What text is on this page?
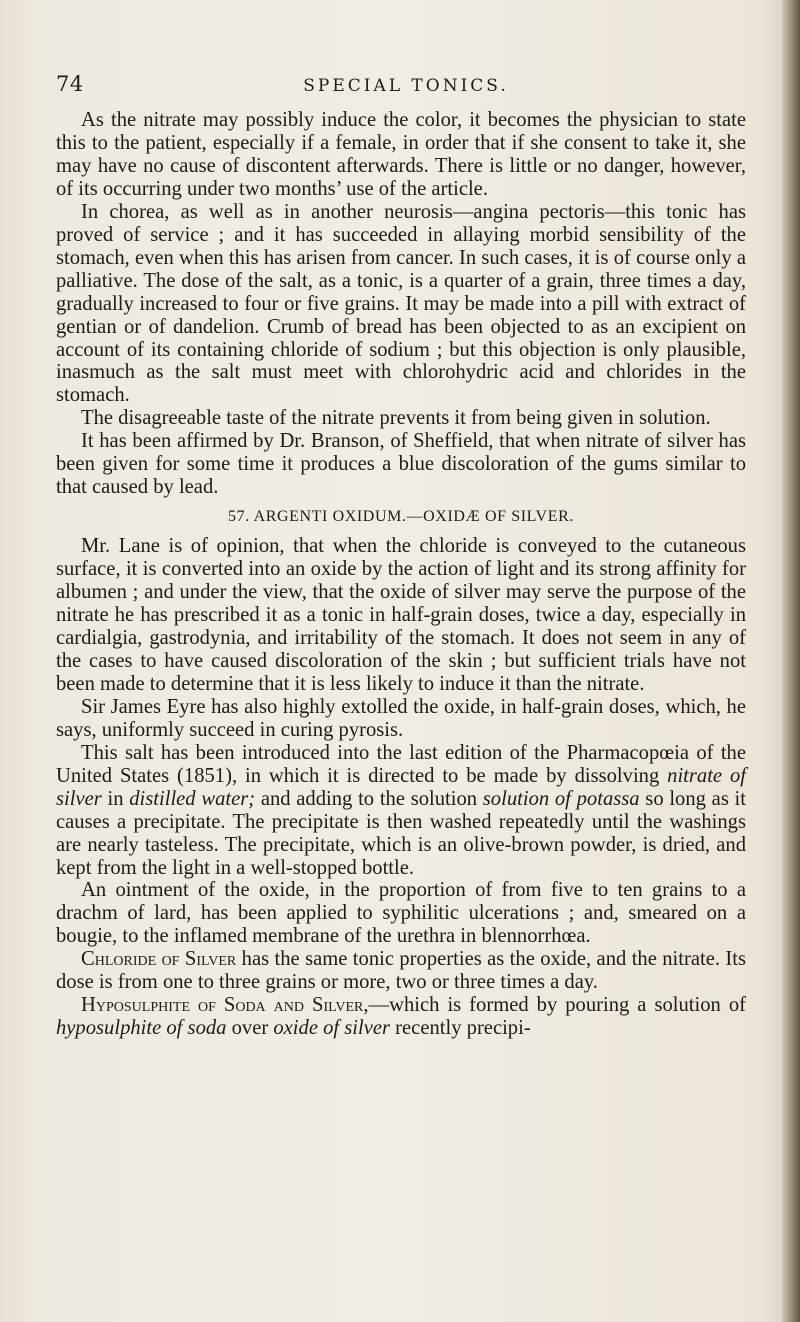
74	SPECIAL TONICS.

As the nitrate may possibly induce the color, it becomes the physician to state this to the patient, especially if a female, in order that if she consent to take it, she may have no cause of discontent afterwards. There is little or no danger, however, of its occurring under two months’ use of the article.

In chorea, as well as in another neurosis—angina pectoris—this tonic has proved of service ; and it has succeeded in allaying morbid sensibility of the stomach, even when this has arisen from cancer. In such cases, it is of course only a palliative. The dose of the salt, as a tonic, is a quarter of a grain, three times a day, gradually increased to four or five grains. It may be made into a pill with extract of gentian or of dandelion. Crumb of bread has been objected to as an excipient on account of its containing chloride of sodium ; but this objection is only plausible, inasmuch as the salt must meet with chlorohydric acid and chlorides in the stomach.

The disagreeable taste of the nitrate prevents it from being given in solution.

It has been affirmed by Dr. Branson, of Sheffield, that when nitrate of silver has been given for some time it produces a blue discoloration of the gums similar to that caused by lead.

57. ARGENTI OXIDUM.—OXIDÆ OF SILVER.

Mr. Lane is of opinion, that when the chloride is conveyed to the cutaneous surface, it is converted into an oxide by the action of light and its strong affinity for albumen ; and under the view, that the oxide of silver may serve the purpose of the nitrate he has prescribed it as a tonic in half-grain doses, twice a day, especially in cardialgia, gastrodynia, and irritability of the stomach. It does not seem in any of the cases to have caused discoloration of the skin ; but sufficient trials have not been made to determine that it is less likely to induce it than the nitrate.

Sir James Eyre has also highly extolled the oxide, in half-grain doses, which, he says, uniformly succeed in curing pyrosis.

This salt has been introduced into the last edition of the Pharmacopœia of the United States (1851), in which it is directed to be made by dissolving nitrate of silver in distilled water; and adding to the solution solution of potassa so long as it causes a precipitate. The precipitate is then washed repeatedly until the washings are nearly tasteless. The precipitate, which is an olive-brown powder, is dried, and kept from the light in a well-stopped bottle.

An ointment of the oxide, in the proportion of from five to ten grains to a drachm of lard, has been applied to syphilitic ulcerations ; and, smeared on a bougie, to the inflamed membrane of the urethra in blennorrhœa.

Chloride of Silver has the same tonic properties as the oxide, and the nitrate. Its dose is from one to three grains or more, two or three times a day.

Hyposulphite of Soda and Silver,—which is formed by pouring a solution of hyposulphite of soda over oxide of silver recently precipi-
